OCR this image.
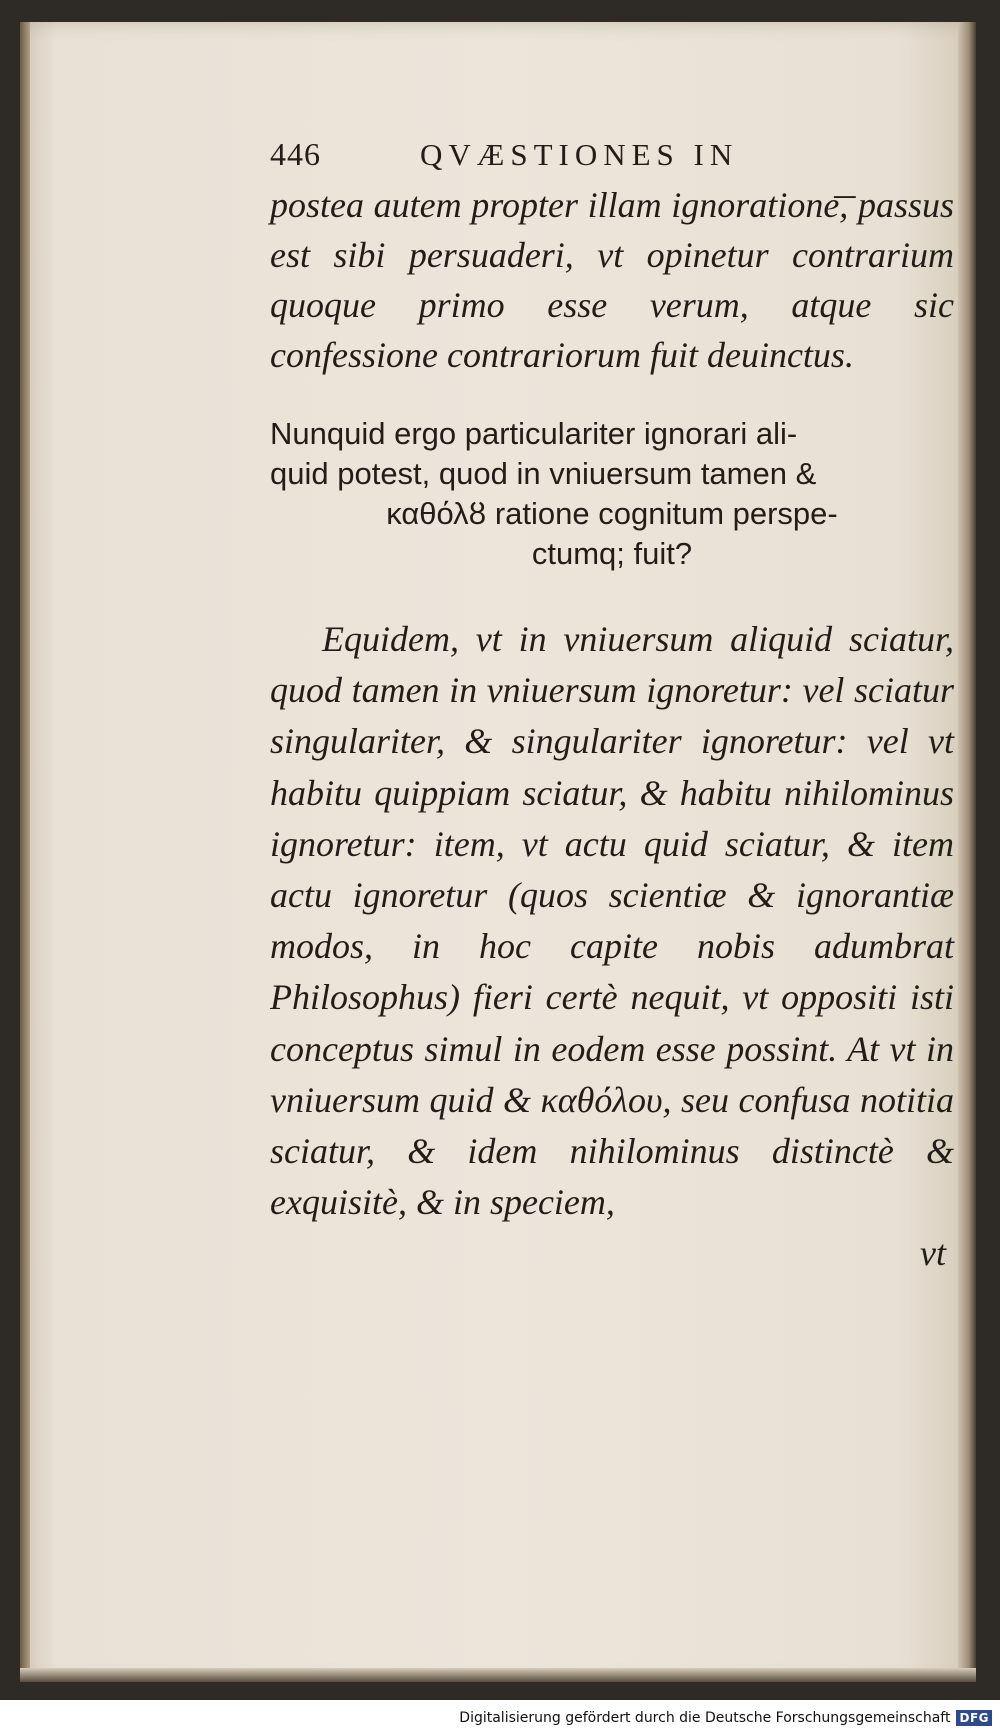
446	QVÆSTIONES IN

postea autem propter illam ignoratione͞, passus est sibi persuaderi, vt opinetur contrarium quoque primo esse verum, atque sic confessione contrariorum fuit deuinctus.

Nunquid ergo particulariter ignorari ali-
quid potest, quod in vniuersum tamen &
καθόλȣ ratione cognitum perspe-
ctumq; fuit?

Equidem, vt in vniuersum aliquid sciatur, quod tamen in vniuersum ignoretur: vel sciatur singulariter, & singulariter ignoretur: vel vt habitu quippiam sciatur, & habitu nihilominus ignoretur: item, vt actu quid sciatur, & item actu ignoretur (quos scientiæ & ignorantiæ modos, in hoc capite nobis adumbrat Philosophus) fieri certè nequit, vt oppositi isti conceptus simul in eodem esse possint. At vt in vniuersum quid & καθόλου, seu confusa notitia sciatur, & idem nihilominus distinctè & exquisitè, & in speciem,

vt
Digitalisierung gefördert durch die Deutsche Forschungsgemeinschaft DFG
